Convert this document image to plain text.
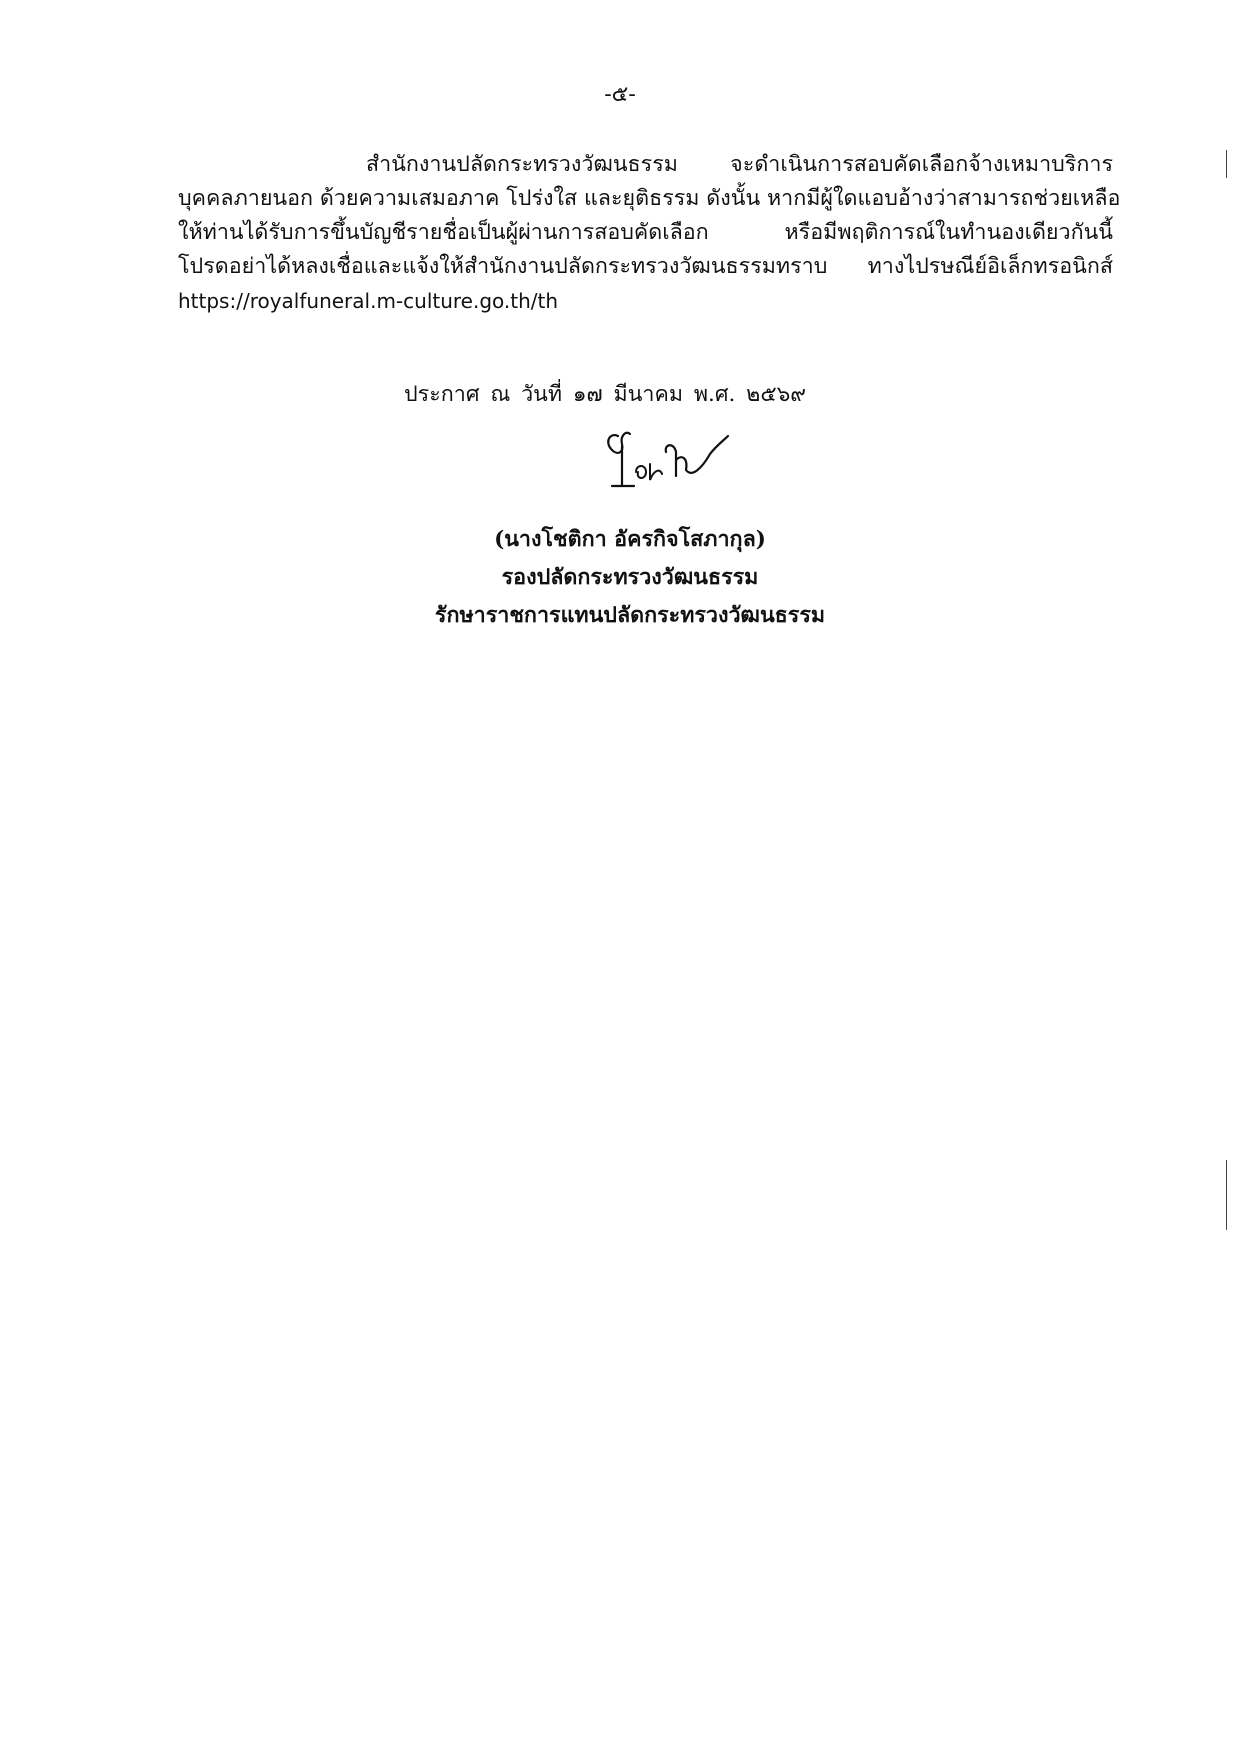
-๕-
สำนักงานปลัดกระทรวงวัฒนธรรม จะดำเนินการสอบคัดเลือกจ้างเหมาบริการ
บุคคลภายนอก ด้วยความเสมอภาค โปร่งใส และยุติธรรม ดังนั้น หากมีผู้ใดแอบอ้างว่าสามารถช่วยเหลือ
ให้ท่านได้รับการขึ้นบัญชีรายชื่อเป็นผู้ผ่านการสอบคัดเลือก หรือมีพฤติการณ์ในทำนองเดียวกันนี้
โปรดอย่าได้หลงเชื่อและแจ้งให้สำนักงานปลัดกระทรวงวัฒนธรรมทราบ ทางไปรษณีย์อิเล็กทรอนิกส์
https://royalfuneral.m-culture.go.th/th
ประกาศ ณ วันที่ ๑๗ มีนาคม พ.ศ. ๒๕๖๙
(นางโชติกา อัครกิจโสภากุล)
รองปลัดกระทรวงวัฒนธรรม
รักษาราชการแทนปลัดกระทรวงวัฒนธรรม
